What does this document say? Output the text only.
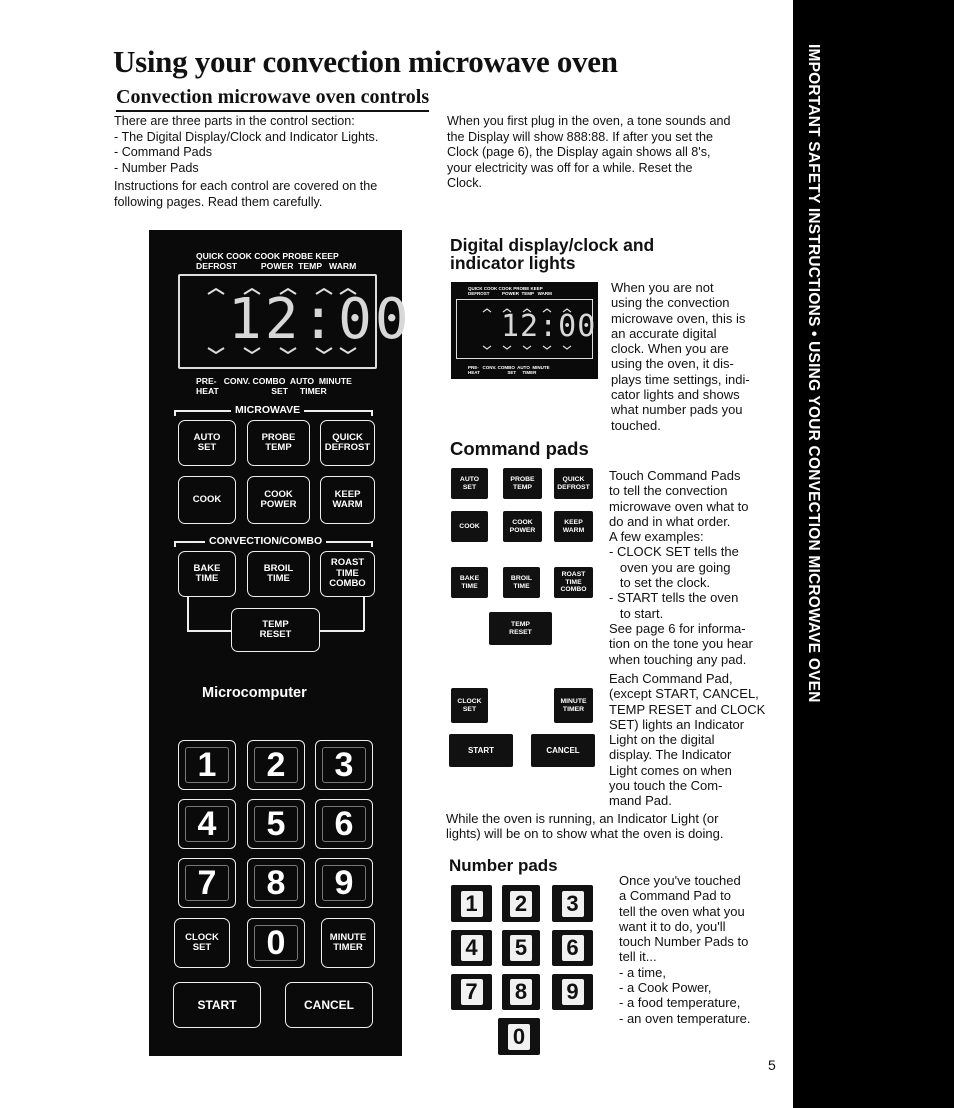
Using your convection microwave oven
Convection microwave oven controls
There are three parts in the control section:
- The Digital Display/Clock and Indicator Lights.
- Command Pads
- Number Pads
Instructions for each control are covered on the
following pages. Read them carefully.
When you first plug in the oven, a tone sounds and
the Display will show 888:88. If after you set the
Clock (page 6), the Display again shows all 8's,
your electricity was off for a while. Reset the
Clock.	IMPORTANT SAFETY INSTRUCTIONS • USING YOUR CONVECTION MICROWAVE OVEN
QUICK COOK COOK PROBE KEEP
DEFROST          POWER  TEMP   WARM
12:00
PRE-   CONV. COMBO  AUTO  MINUTE
HEAT                      SET     TIMER
MICROWAVE
AUTO
SET
PROBE
TEMP
QUICK
DEFROST
COOK	COOK
POWER
KEEP
WARM
CONVECTION/COMBO
BAKE
TIME
BROIL
TIME
ROAST
TIME
COMBO
TEMP
RESET
Microcomputer
1	2	3
4	5	6
7	8	9
CLOCK
SET	0	MINUTE
TIMER
START	CANCEL
Digital display/clock and
indicator lights
QUICK COOK COOK PROBE KEEP
DEFROST          POWER  TEMP   WARM
12:00
PRE-   CONV. COMBO  AUTO  MINUTE
HEAT                      SET     TIMER
When you are not
using the convection
microwave oven, this is
an accurate digital
clock. When you are
using the oven, it dis-
plays time settings, indi-
cator lights and shows
what number pads you
touched.
Command pads
AUTO
SET
PROBE
TEMP
QUICK
DEFROST
COOK
COOK
POWER
KEEP
WARM
BAKE
TIME
BROIL
TIME
ROAST
TIME
COMBO
TEMP
RESET
CLOCK
SET
MINUTE
TIMER
START	CANCEL
Touch Command Pads
to tell the convection
microwave oven what to
do and in what order.
A few examples:
- CLOCK SET tells the
oven you are going
to set the clock.
- START tells the oven
to start.
See page 6 for informa-
tion on the tone you hear
when touching any pad.
Each Command Pad,
(except START, CANCEL,
TEMP RESET and CLOCK
SET) lights an Indicator
Light on the digital
display. The Indicator
Light comes on when
you touch the Com-
mand Pad.
While the oven is running, an Indicator Light (or
lights) will be on to show what the oven is doing.
Number pads
1 2 3
4 5 6
7 8 9
0
Once you've touched
a Command Pad to
tell the oven what you
want it to do, you'll
touch Number Pads to
tell it...
- a time,
- a Cook Power,
- a food temperature,
- an oven temperature.
5
